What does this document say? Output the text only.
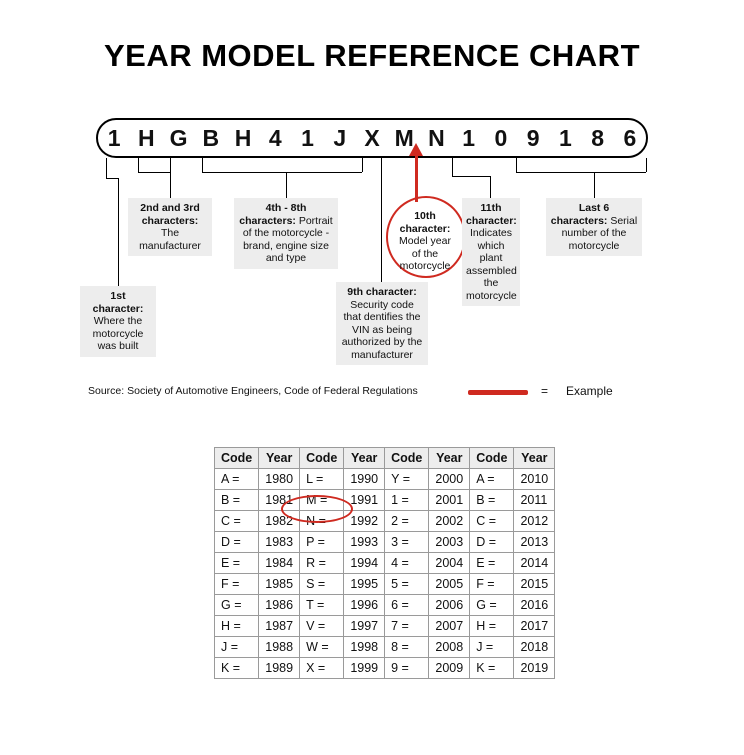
YEAR MODEL REFERENCE CHART
1 H G B H 4 1 J X M N 1 0 9 1 8 6
1st character: Where the motorcycle was built
2nd and 3rd characters: The manufacturer
4th - 8th characters: Portrait of the motorcycle - brand, engine size and type
9th character: Security code that dentifies the VIN as being authorized by the manufacturer
10th character: Model year of the motorcycle
11th character: Indicates which plant assembled the motorcycle
Last 6 characters: Serial number of the motorcycle
Source: Society of Automotive Engineers, Code of Federal Regulations	= Example
Code	Year	Code	Year	Code	Year	Code	Year
A =	1980	L =	1990	Y =	2000	A =	2010
B =	1981	M =	1991	1 =	2001	B =	2011
C =	1982	N =	1992	2 =	2002	C =	2012
D =	1983	P =	1993	3 =	2003	D =	2013
E =	1984	R =	1994	4 =	2004	E =	2014
F =	1985	S =	1995	5 =	2005	F =	2015
G =	1986	T =	1996	6 =	2006	G =	2016
H =	1987	V =	1997	7 =	2007	H =	2017
J =	1988	W =	1998	8 =	2008	J =	2018
K =	1989	X =	1999	9 =	2009	K =	2019
